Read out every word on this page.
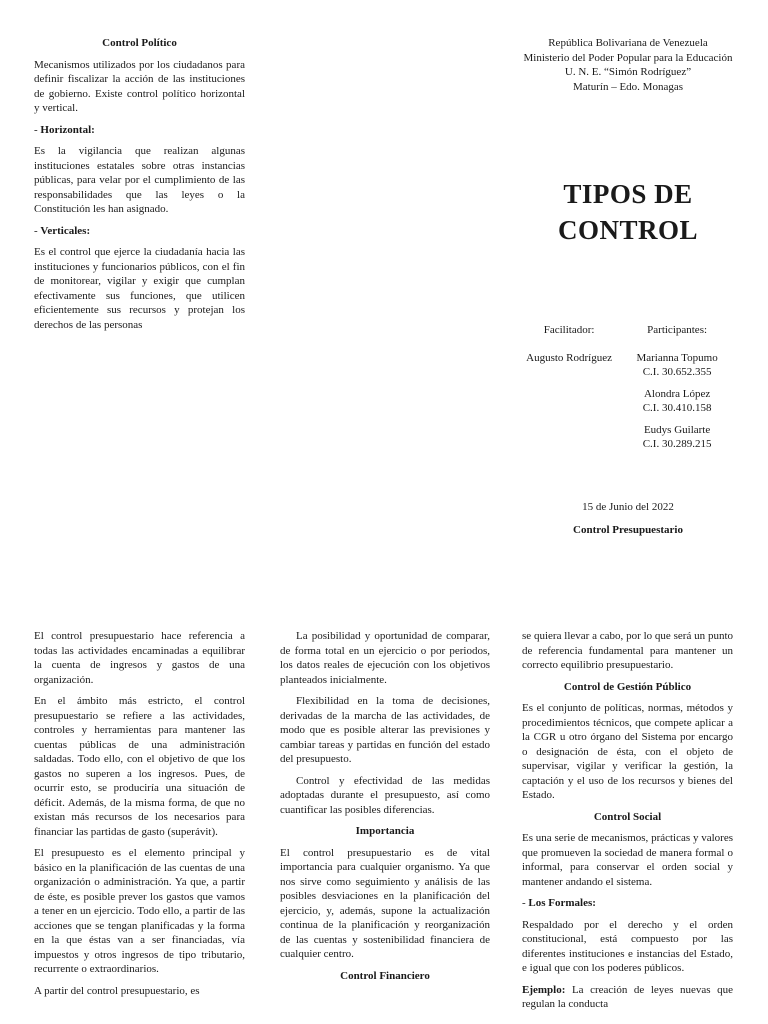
Control Político

Mecanismos utilizados por los ciudadanos para definir fiscalizar la acción de las instituciones de gobierno. Existe control político horizontal y vertical.

- Horizontal:

Es la vigilancia que realizan algunas instituciones estatales sobre otras instancias públicas, para velar por el cumplimiento de las responsabilidades que las leyes o la Constitución les han asignado.

- Verticales:

Es el control que ejerce la ciudadanía hacia las instituciones y funcionarios públicos, con el fin de monitorear, vigilar y exigir que cumplan efectivamente sus funciones, que utilicen eficientemente sus recursos y protejan los derechos de las personas

República Bolivariana de Venezuela
Ministerio del Poder Popular para la Educación
U. N. E. “Simón Rodríguez”
Maturín – Edo. Monagas
TIPOS DE
CONTROL
Facilitador:	Participantes:
Augusto Rodríguez	Marianna Topumo
C.I. 30.652.355
Alondra López
C.I. 30.410.158
Eudys Guilarte
C.I. 30.289.215
15 de Junio del 2022
Control Presupuestario

El control presupuestario hace referencia a todas las actividades encaminadas a equilibrar la cuenta de ingresos y gastos de una organización.

En el ámbito más estricto, el control presupuestario se refiere a las actividades, controles y herramientas para mantener las cuentas públicas de una administración saldadas. Todo ello, con el objetivo de que los gastos no superen a los ingresos. Pues, de ocurrir esto, se produciría una situación de déficit. Además, de la misma forma, de que no existan más recursos de los necesarios para financiar las partidas de gasto (superávit).

El presupuesto es el elemento principal y básico en la planificación de las cuentas de una organización o administración. Ya que, a partir de éste, es posible prever los gastos que vamos a tener en un ejercicio. Todo ello, a partir de las acciones que se tengan planificadas y la forma en la que éstas van a ser financiadas, vía impuestos y otros ingresos de tipo tributario, recurrente o extraordinarios.

A partir del control presupuestario, es

La posibilidad y oportunidad de comparar, de forma total en un ejercicio o por periodos, los datos reales de ejecución con los objetivos planteados inicialmente.

Flexibilidad en la toma de decisiones, derivadas de la marcha de las actividades, de modo que es posible alterar las previsiones y cambiar tareas y partidas en función del estado del presupuesto.

Control y efectividad de las medidas adoptadas durante el presupuesto, así como cuantificar las posibles diferencias.

Importancia

El control presupuestario es de vital importancia para cualquier organismo. Ya que nos sirve como seguimiento y análisis de las posibles desviaciones en la planificación del ejercicio, y, además, supone la actualización continua de la planificación y reorganización de las cuentas y sostenibilidad financiera de cualquier centro.

Control Financiero

se quiera llevar a cabo, por lo que será un punto de referencia fundamental para mantener un correcto equilibrio presupuestario.

Control de Gestión Público

Es el conjunto de políticas, normas, métodos y procedimientos técnicos, que compete aplicar a la CGR u otro órgano del Sistema por encargo o designación de ésta, con el objeto de supervisar, vigilar y verificar la gestión, la captación y el uso de los recursos y bienes del Estado.

Control Social

Es una serie de mecanismos, prácticas y valores que promueven la sociedad de manera formal o informal, para conservar el orden social y mantener andando el sistema.

- Los Formales:

Respaldado por el derecho y el orden constitucional, está compuesto por las diferentes instituciones e instancias del Estado, e igual que con los poderes públicos.

Ejemplo: La creación de leyes nuevas que regulan la conducta
